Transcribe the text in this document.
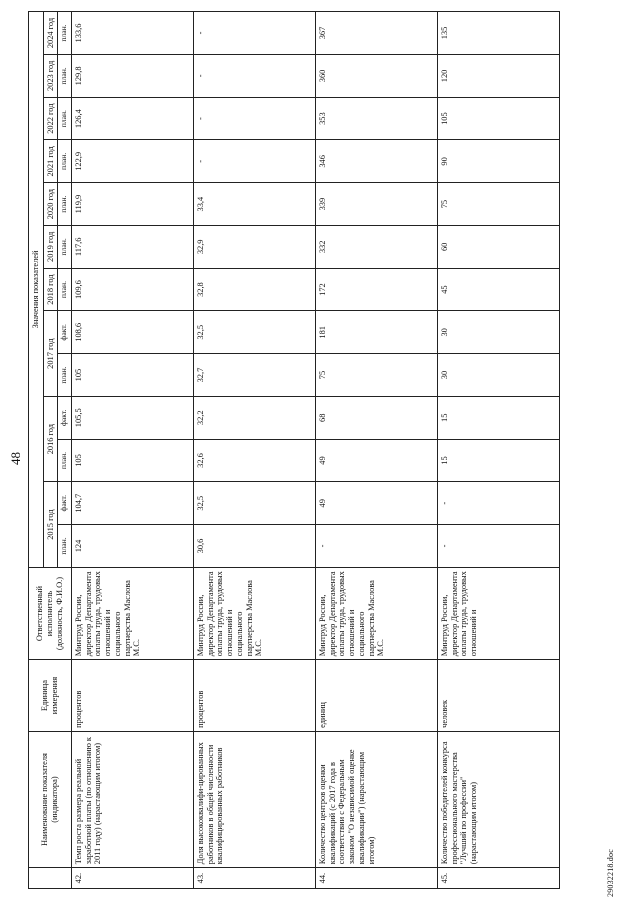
48
	Наименование показателя (индикатора)	Единица измерения	Ответственный исполнитель (должность, Ф.И.О.)	Значения показателей												
				2015 год		2016 год		2017 год		2018 год	2019 год	2020 год	2021 год	2022 год	2023 год	2024 год
				план.	факт.	план.	факт.	план.	факт.	план.	план.	план.	план.	план.	план.	план.
42.	Темп роста размера реальной заработной платы (по отношению к 2011 году) (нарастающим итогом)	процентов	Минтруд России, директор Департамента оплаты труда, трудовых отношений и социального партнерства Маслова М.С.	124	104,7	105	105,5	105	108,6	109,6	117,6	119,9	122,9	126,4	129,8	133,6
43.	Доля высококвалифи-цированных работников в общей численности квалифицированных работников	процентов	Минтруд России, директор Департамента оплаты труда, трудовых отношений и социального партнерства Маслова М.С.	30,6	32,5	32,6	32,2	32,7	32,5	32,8	32,9	33,4	-	-	-	-
44.	Количество центров оценки квалификаций (с 2017 года в соответствии с Федеральным законом "О независимой оценке квалификации") (нарастающим итогом)	единиц	Минтруд России, директор Департамента оплаты труда, трудовых отношений и социального партнерства Маслова М.С.	-	49	49	68	75	181	172	332	339	346	353	360	367
45.	Количество победителей конкурса профессионального мастерства "Лучший по профессии" (нарастающим итогом)	человек	Минтруд России, директор Департамента оплаты труда, трудовых отношений и	-	-	15	15	30	30	45	60	75	90	105	120	135
29032218.doc
